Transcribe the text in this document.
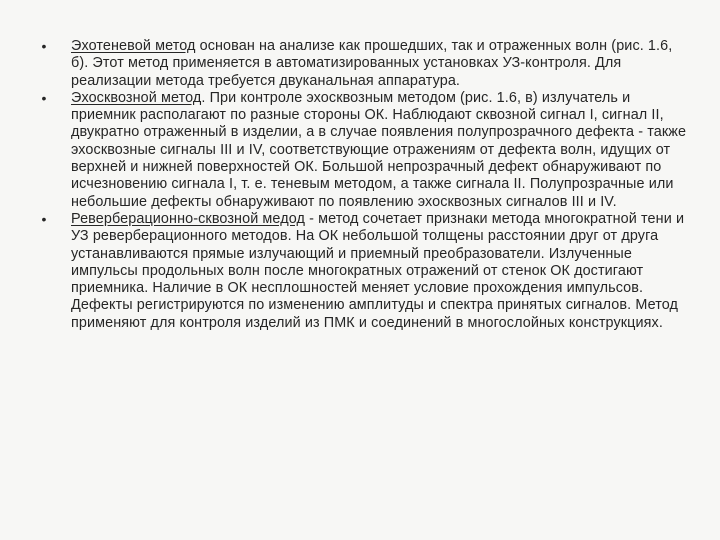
• Эхотеневой метод основан на анализе как прошедших, так и отраженных волн (рис. 1.6, б). Этот метод применяется в автоматизированных установках УЗ-контроля. Для реализации метода требуется двуканальная аппаратура.
• Эхосквозной метод. При контроле эхосквозным методом (рис. 1.6, в) излучатель и приемник располагают по разные стороны ОК. Наблюдают сквозной сигнал I, сигнал II, двукратно отраженный в изделии, а в случае появления полупрозрачного дефекта - также эхосквозные сигналы III и IV, соответствующие отражениям от дефекта волн, идущих от верхней и нижней поверхностей ОК. Большой непрозрачный дефект обнаруживают по исчезновению сигнала I, т. е. теневым методом, а также сигнала II. Полупрозрачные или небольшие дефекты обнаруживают по появлению эхосквозных сигналов III и IV.
• Реверберационно-сквозной медод - метод сочетает признаки метода многократной тени и УЗ реверберационного методов. На ОК небольшой толщены расстоянии друг от друга устанавливаются прямые излучающий и приемный преобразователи. Излученные импульсы продольных волн после многократных отражений от стенок ОК достигают приемника. Наличие в ОК несплошностей меняет условие прохождения импульсов. Дефекты регистрируются по изменению амплитуды и спектра принятых сигналов. Метод применяют для контроля изделий из ПМК и соединений в многослойных конструкциях.
